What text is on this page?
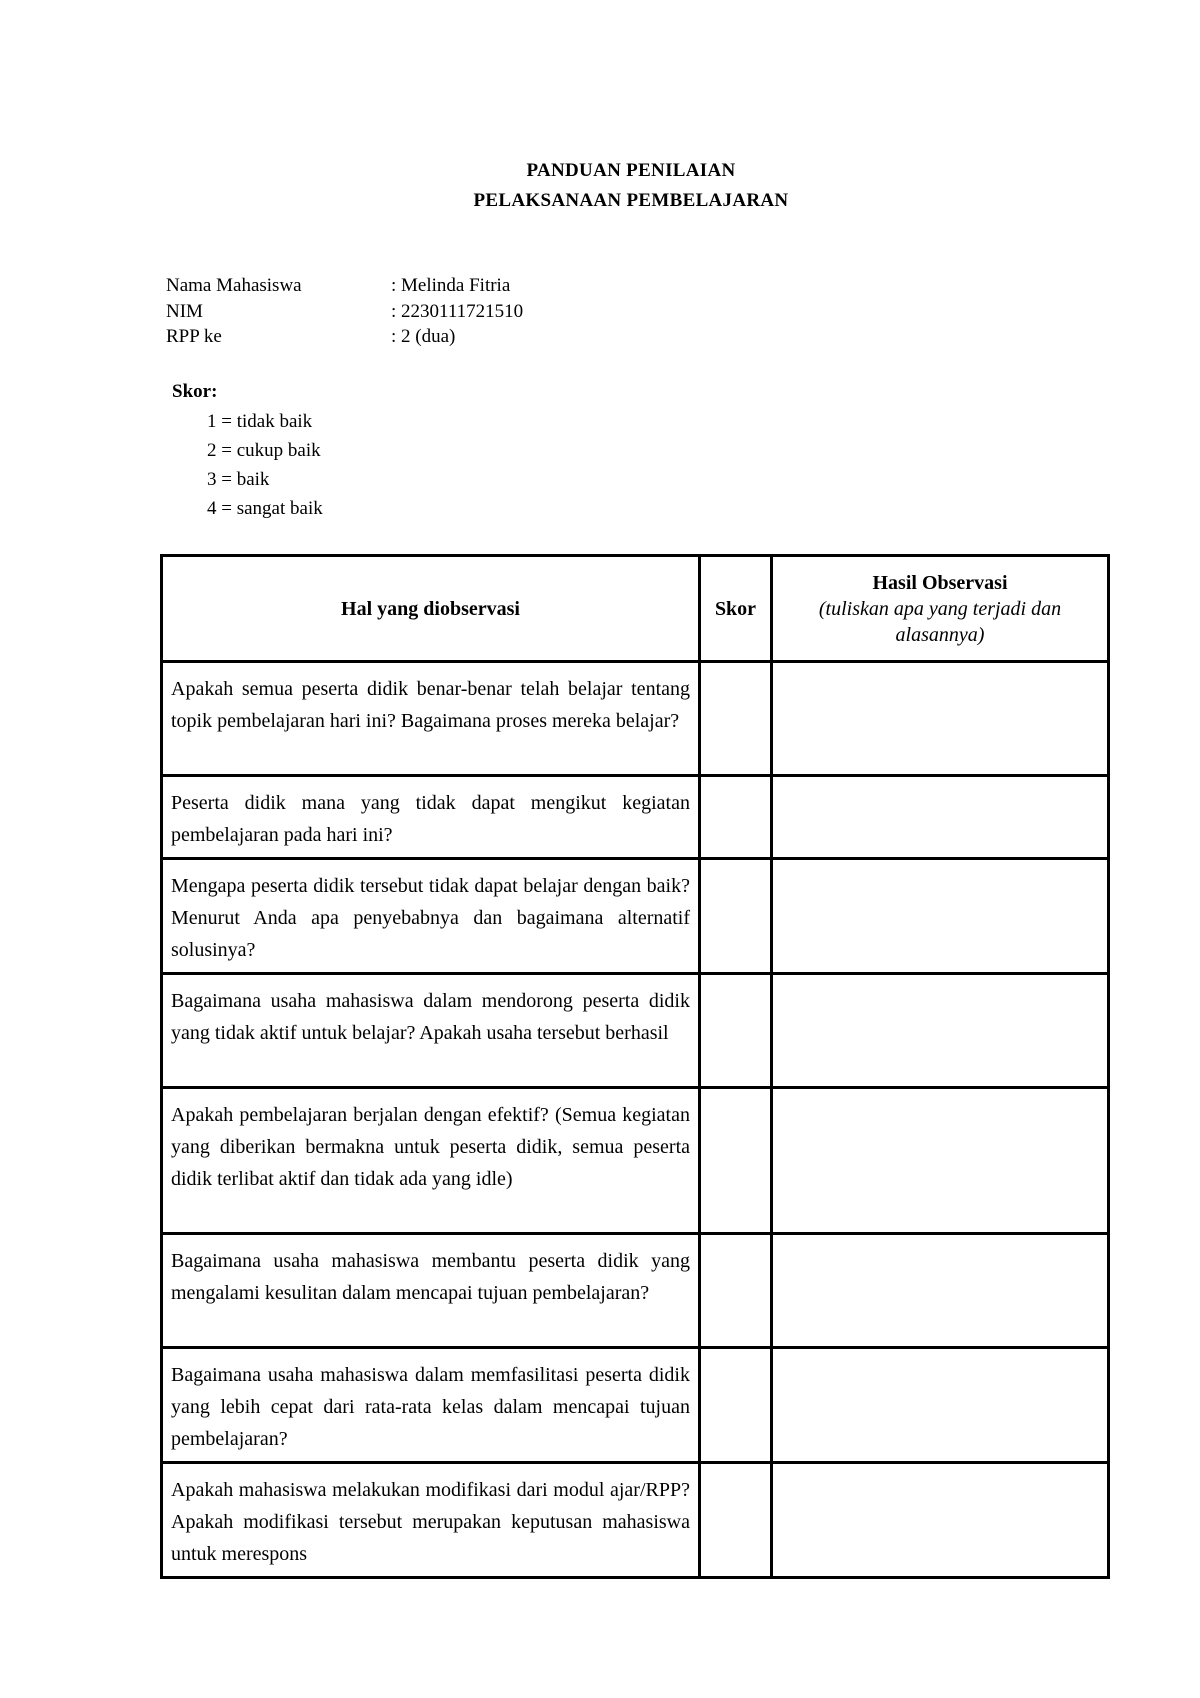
PANDUAN PENILAIAN
PELAKSANAAN PEMBELAJARAN
Nama Mahasiswa	: Melinda Fitria
NIM	: 2230111721510
RPP ke	: 2 (dua)
Skor:
1 = tidak baik
2 = cukup baik
3 = baik
4 = sangat baik
Hal yang diobservasi	Skor	Hasil Observasi
(tuliskan apa yang terjadi dan alasannya)

Apakah semua peserta didik benar-benar telah belajar tentang topik pembelajaran hari ini? Bagaimana proses mereka belajar?		
Peserta didik mana yang tidak dapat mengikut kegiatan pembelajaran pada hari ini?		
Mengapa peserta didik tersebut tidak dapat belajar dengan baik? Menurut Anda apa penyebabnya dan bagaimana alternatif solusinya?		
Bagaimana usaha mahasiswa dalam mendorong peserta didik yang tidak aktif untuk belajar? Apakah usaha tersebut berhasil		
Apakah pembelajaran berjalan dengan efektif? (Semua kegiatan yang diberikan bermakna untuk peserta didik, semua peserta didik terlibat aktif dan tidak ada yang idle)		
Bagaimana usaha mahasiswa membantu peserta didik yang mengalami kesulitan dalam mencapai tujuan pembelajaran?		
Bagaimana usaha mahasiswa dalam memfasilitasi peserta didik yang lebih cepat dari rata-rata kelas dalam mencapai tujuan pembelajaran?		
Apakah mahasiswa melakukan modifikasi dari modul ajar/RPP? Apakah modifikasi tersebut merupakan keputusan mahasiswa untuk merespons		
